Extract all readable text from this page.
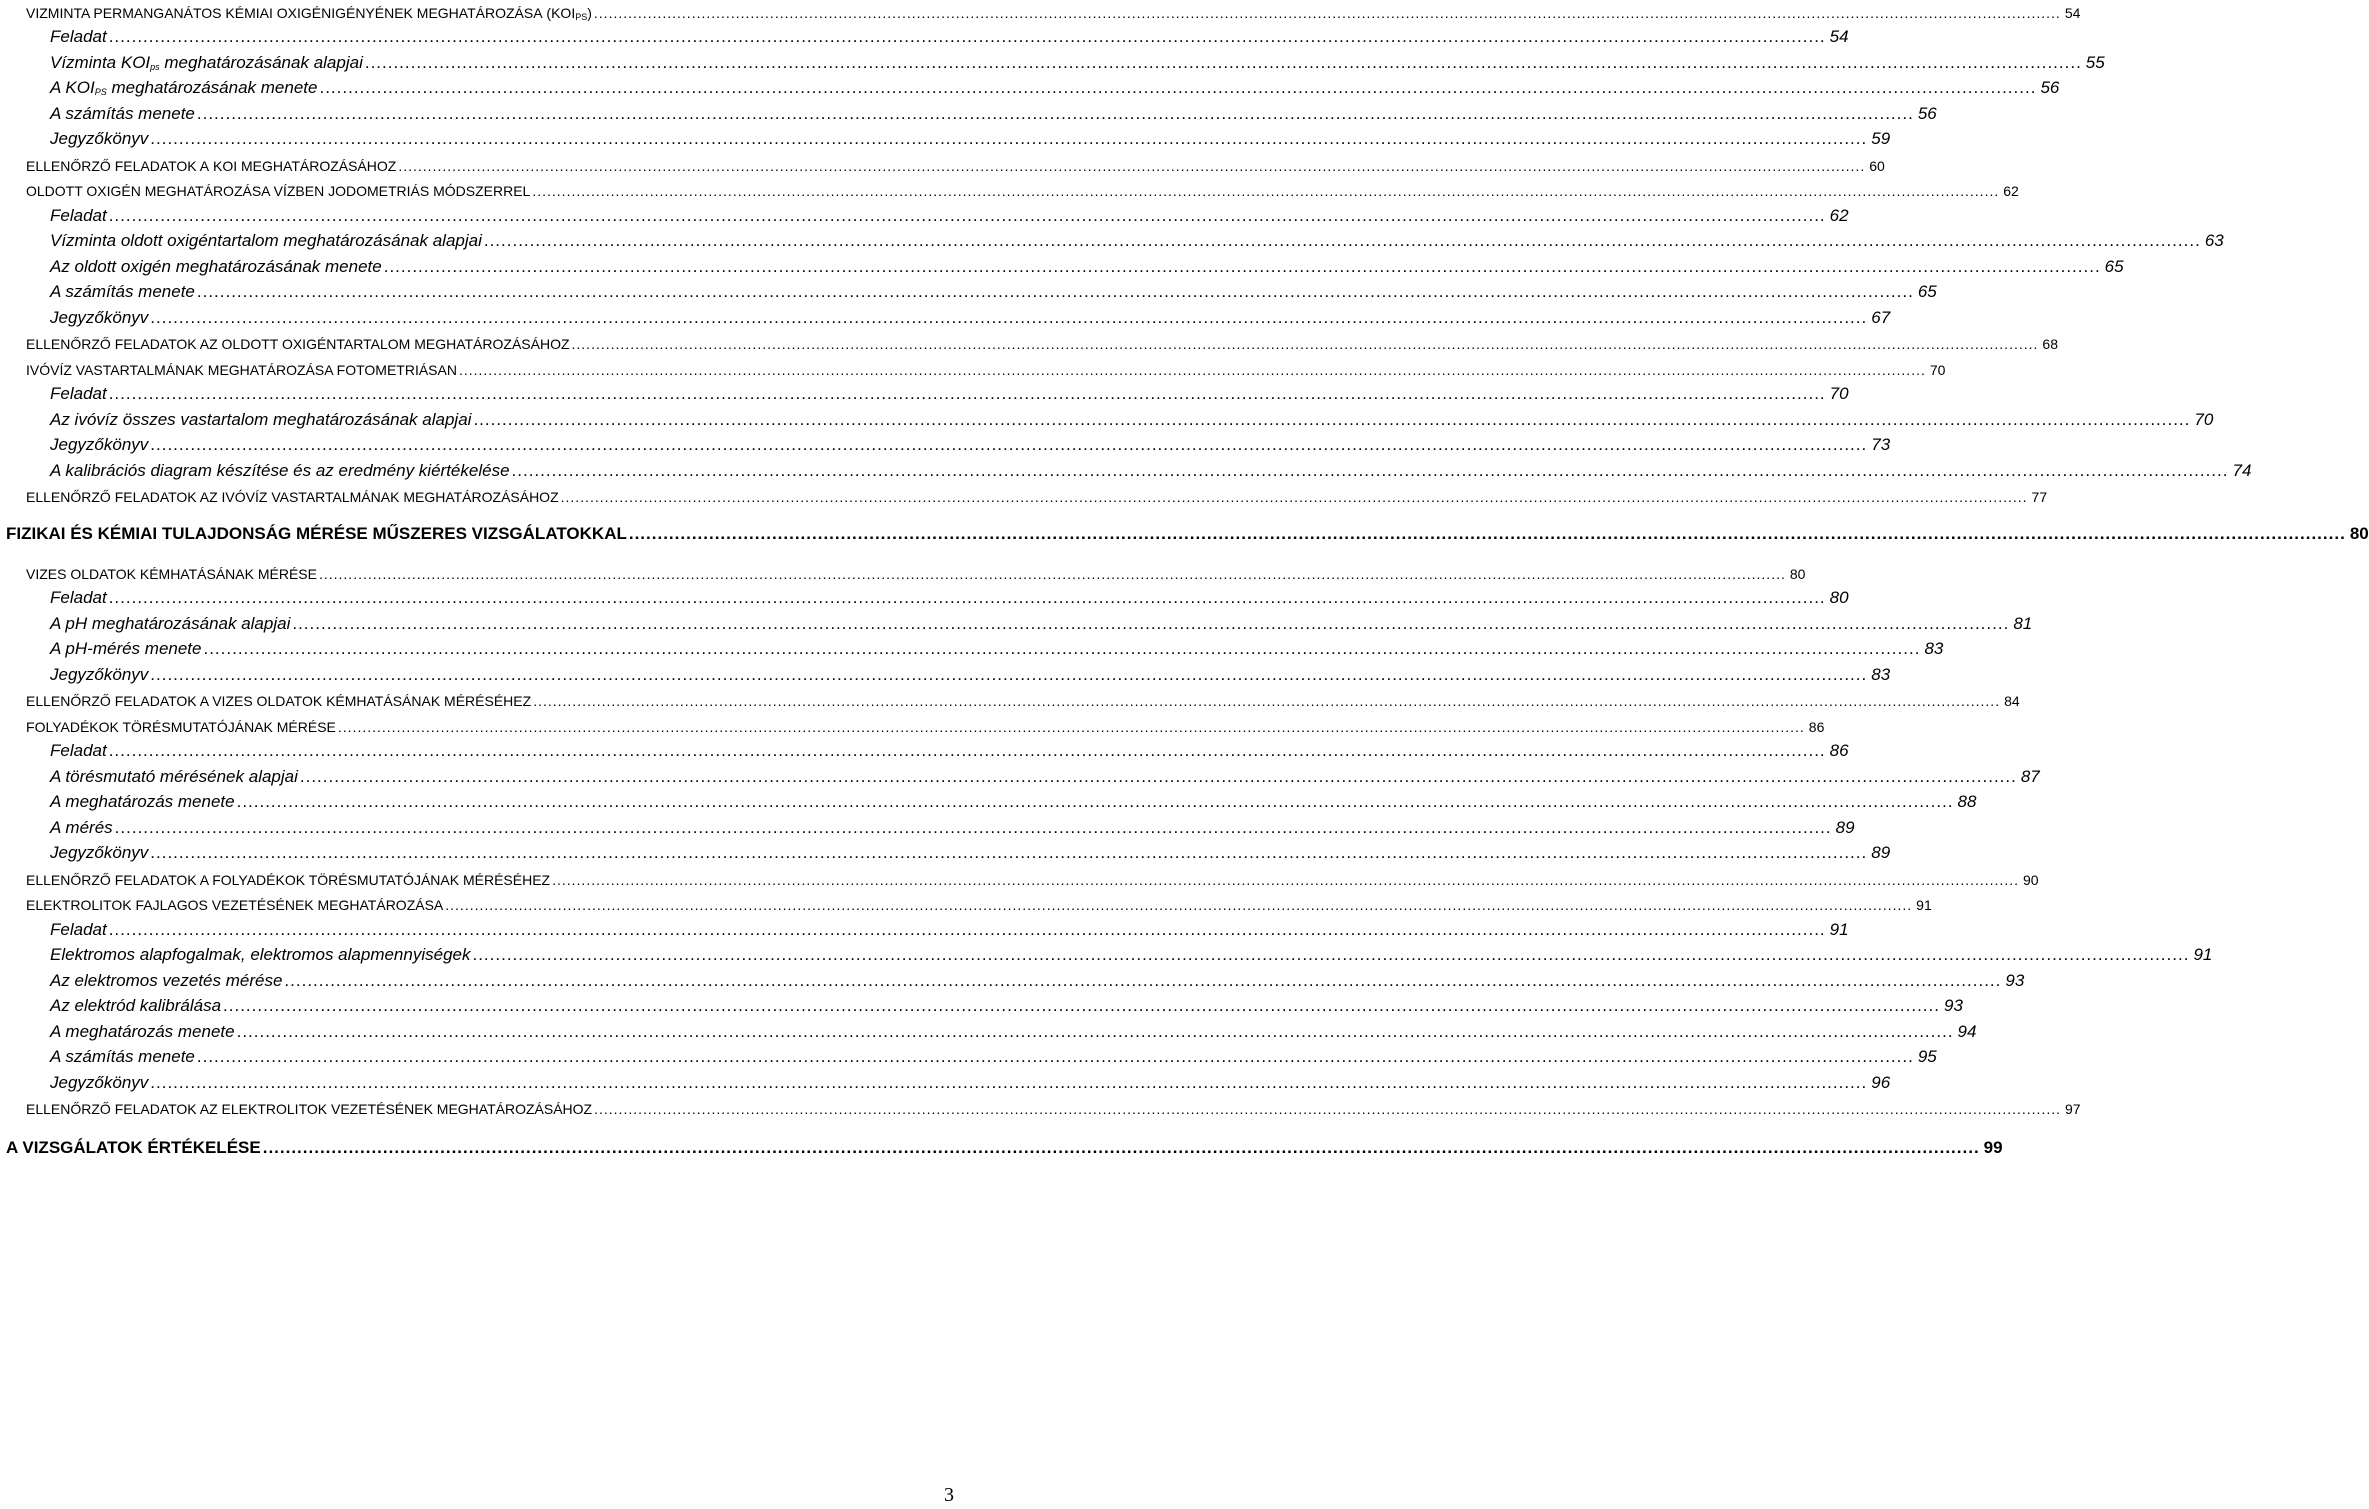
VIZMINTA PERMANGANÁTOS KÉMIAI OXIGÉNIGÉNYÉNEK MEGHATÁROZÁSA $(KOI_{PS})$ ............................................................................................................................................................................................................................................................................................................ 54
Feladat ............................................................................................................................................................................................................................................................................................................ 54
Vízminta $KOI_{ps}$ meghatározásának alapjai ............................................................................................................................................................................................................................................................................................................ 55
A $KOI_{PS}$ meghatározásának menete ............................................................................................................................................................................................................................................................................................................ 56
A számítás menete ............................................................................................................................................................................................................................................................................................................ 56
Jegyzőkönyv ............................................................................................................................................................................................................................................................................................................ 59
ELLENŐRZŐ FELADATOK A KOI MEGHATÁROZÁSÁHOZ ............................................................................................................................................................................................................................................................................................................ 60
OLDOTT OXIGÉN MEGHATÁROZÁSA VÍZBEN JODOMETRIÁS MÓDSZERREL ............................................................................................................................................................................................................................................................................................................ 62
Feladat ............................................................................................................................................................................................................................................................................................................ 62
Vízminta oldott oxigéntartalom meghatározásának alapjai ............................................................................................................................................................................................................................................................................................................ 63
Az oldott oxigén meghatározásának menete ............................................................................................................................................................................................................................................................................................................ 65
A számítás menete ............................................................................................................................................................................................................................................................................................................ 65
Jegyzőkönyv ............................................................................................................................................................................................................................................................................................................ 67
ELLENŐRZŐ FELADATOK AZ OLDOTT OXIGÉNTARTALOM MEGHATÁROZÁSÁHOZ ............................................................................................................................................................................................................................................................................................................ 68
IVÓVÍZ VASTARTALMÁNAK MEGHATÁROZÁSA FOTOMETRIÁSAN ............................................................................................................................................................................................................................................................................................................ 70
Feladat ............................................................................................................................................................................................................................................................................................................ 70
Az ivóvíz összes vastartalom meghatározásának alapjai ............................................................................................................................................................................................................................................................................................................ 70
Jegyzőkönyv ............................................................................................................................................................................................................................................................................................................ 73
A kalibrációs diagram készítése és az eredmény kiértékelése ............................................................................................................................................................................................................................................................................................................ 74
ELLENŐRZŐ FELADATOK AZ IVÓVÍZ VASTARTALMÁNAK MEGHATÁROZÁSÁHOZ ............................................................................................................................................................................................................................................................................................................ 77
FIZIKAI ÉS KÉMIAI TULAJDONSÁG MÉRÉSE MŰSZERES VIZSGÁLATOKKAL ............................................................................................................................................................................................................................................................................................................ 80
VIZES OLDATOK KÉMHATÁSÁNAK MÉRÉSE ............................................................................................................................................................................................................................................................................................................ 80
Feladat ............................................................................................................................................................................................................................................................................................................ 80
A pH meghatározásának alapjai ............................................................................................................................................................................................................................................................................................................ 81
A pH-mérés menete ............................................................................................................................................................................................................................................................................................................ 83
Jegyzőkönyv ............................................................................................................................................................................................................................................................................................................ 83
ELLENŐRZŐ FELADATOK A VIZES OLDATOK KÉMHATÁSÁNAK MÉRÉSÉHEZ ............................................................................................................................................................................................................................................................................................................ 84
FOLYADÉKOK TÖRÉSMUTATÓJÁNAK MÉRÉSE ............................................................................................................................................................................................................................................................................................................ 86
Feladat ............................................................................................................................................................................................................................................................................................................ 86
A törésmutató mérésének alapjai ............................................................................................................................................................................................................................................................................................................ 87
A meghatározás menete ............................................................................................................................................................................................................................................................................................................ 88
A mérés ............................................................................................................................................................................................................................................................................................................ 89
Jegyzőkönyv ............................................................................................................................................................................................................................................................................................................ 89
ELLENŐRZŐ FELADATOK A FOLYADÉKOK TÖRÉSMUTATÓJÁNAK MÉRÉSÉHEZ ............................................................................................................................................................................................................................................................................................................ 90
ELEKTROLITOK FAJLAGOS VEZETÉSÉNEK MEGHATÁROZÁSA ............................................................................................................................................................................................................................................................................................................ 91
Feladat ............................................................................................................................................................................................................................................................................................................ 91
Elektromos alapfogalmak, elektromos alapmennyiségek ............................................................................................................................................................................................................................................................................................................ 91
Az elektromos vezetés mérése ............................................................................................................................................................................................................................................................................................................ 93
Az elektród kalibrálása ............................................................................................................................................................................................................................................................................................................ 93
A meghatározás menete ............................................................................................................................................................................................................................................................................................................ 94
A számítás menete ............................................................................................................................................................................................................................................................................................................ 95
Jegyzőkönyv ............................................................................................................................................................................................................................................................................................................ 96
ELLENŐRZŐ FELADATOK AZ ELEKTROLITOK VEZETÉSÉNEK MEGHATÁROZÁSÁHOZ ............................................................................................................................................................................................................................................................................................................ 97
A VIZSGÁLATOK ÉRTÉKELÉSE ............................................................................................................................................................................................................................................................................................................ 99
3
